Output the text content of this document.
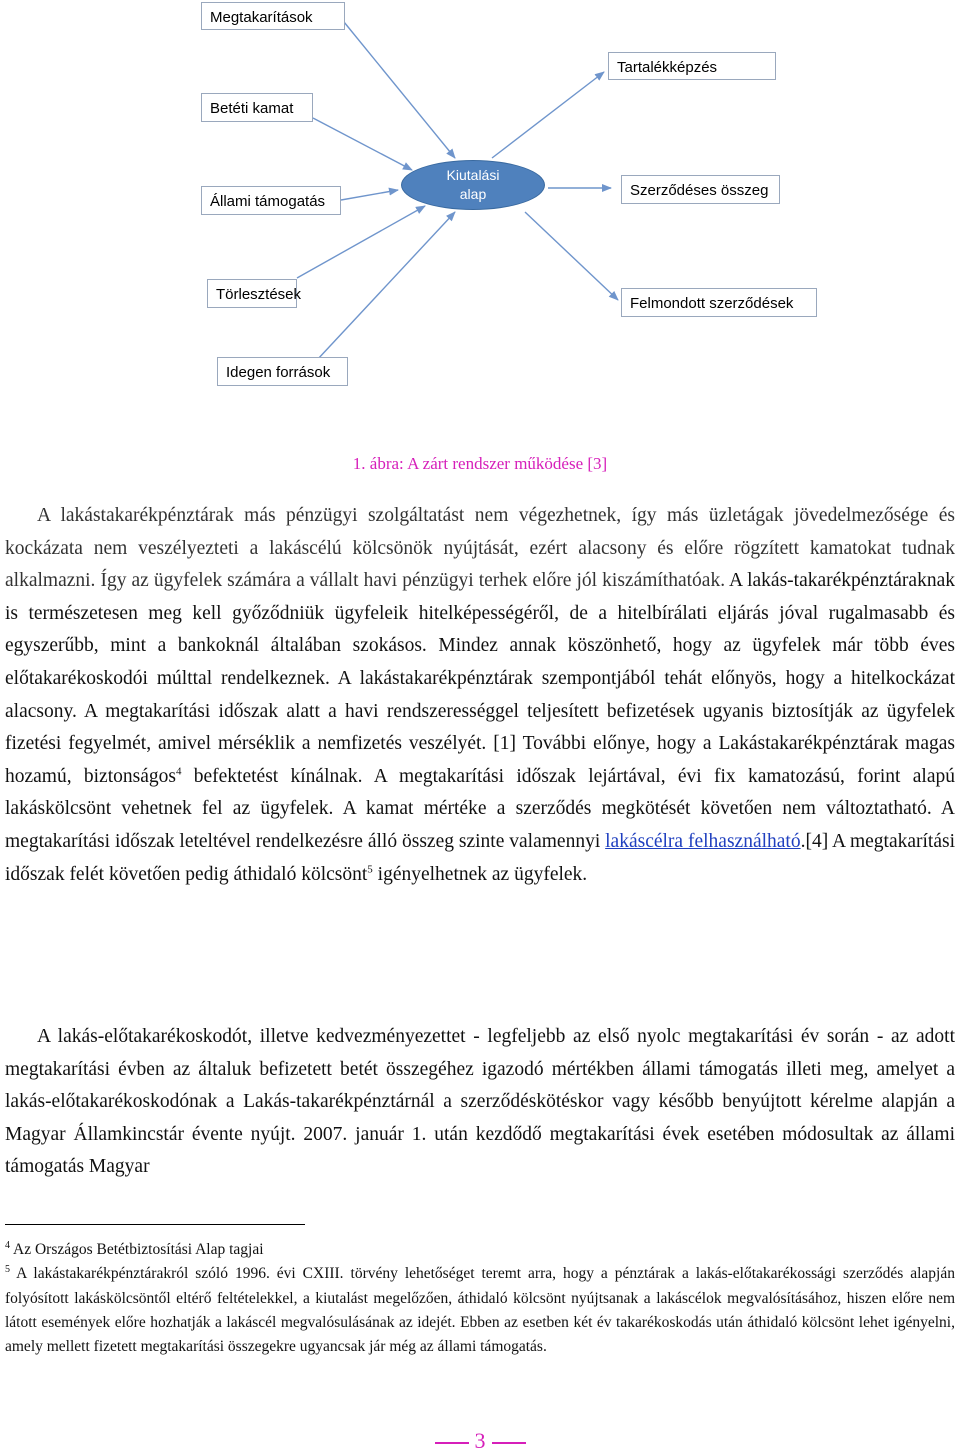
Megtakarítások
Betéti kamat
Állami támogatás
Törlesztések
Idegen források
Kiutalási
alap
Tartalékképzés
Szerződéses összeg
Felmondott szerződések
1. ábra: A zárt rendszer működése [3]

A lakástakarékpénztárak más pénzügyi szolgáltatást nem végezhetnek, így más üzletágak jövedelmezősége és kockázata nem veszélyezteti a lakáscélú kölcsönök nyújtását, ezért alacsony és előre rögzített kamatokat tudnak alkalmazni. Így az ügyfelek számára a vállalt havi pénzügyi terhek előre jól kiszámíthatóak. A lakás-takarékpénztáraknak is természetesen meg kell győződniük ügyfeleik hitelképességéről, de a hitelbírálati eljárás jóval rugalmasabb és egyszerűbb, mint a bankoknál általában szokásos. Mindez annak köszönhető, hogy az ügyfelek már több éves előtakarékoskodói múlttal rendelkeznek. A lakástakarékpénztárak szempontjából tehát előnyös, hogy a hitelkockázat alacsony. A megtakarítási időszak alatt a havi rendszerességgel teljesített befizetések ugyanis biztosítják az ügyfelek fizetési fegyelmét, amivel mérséklik a nemfizetés veszélyét. [1] További előnye, hogy a Lakástakarékpénztárak magas hozamú, biztonságos$^4$ befektetést kínálnak. A megtakarítási időszak lejártával, évi fix kamatozású, forint alapú lakáskölcsönt vehetnek fel az ügyfelek. A kamat mértéke a szerződés megkötését követően nem változtatható. A megtakarítási időszak leteltével rendelkezésre álló összeg szinte valamennyi lakáscélra felhasználható.[4] A megtakarítási időszak felét követően pedig áthidaló kölcsönt$^5$ igényelhetnek az ügyfelek.

A lakás-előtakarékoskodót, illetve kedvezményezettet - legfeljebb az első nyolc megtakarítási év során - az adott megtakarítási évben az általuk befizetett betét összegéhez igazodó mértékben állami támogatás illeti meg, amelyet a lakás-előtakarékoskodónak a Lakás-takarékpénztárnál a szerződéskötéskor vagy később benyújtott kérelme alapján a Magyar Államkincstár évente nyújt. 2007. január 1. után kezdődő megtakarítási évek esetében módosultak az állami támogatás Magyar

$^4$ Az Országos Betétbiztosítási Alap tagjai

$^5$ A lakástakarékpénztárakról szóló 1996. évi CXIII. törvény lehetőséget teremt arra, hogy a pénztárak a lakás-előtakarékossági szerződés alapján folyósított lakáskölcsöntől eltérő feltételekkel, a kiutalást megelőzően, áthidaló kölcsönt nyújtsanak a lakáscélok megvalósításához, hiszen előre nem látott események előre hozhatják a lakáscél megvalósulásának az idejét. Ebben az esetben két év takarékoskodás után áthidaló kölcsönt lehet igényelni, amely mellett fizetett megtakarítási összegekre ugyancsak jár még az állami támogatás.

3
